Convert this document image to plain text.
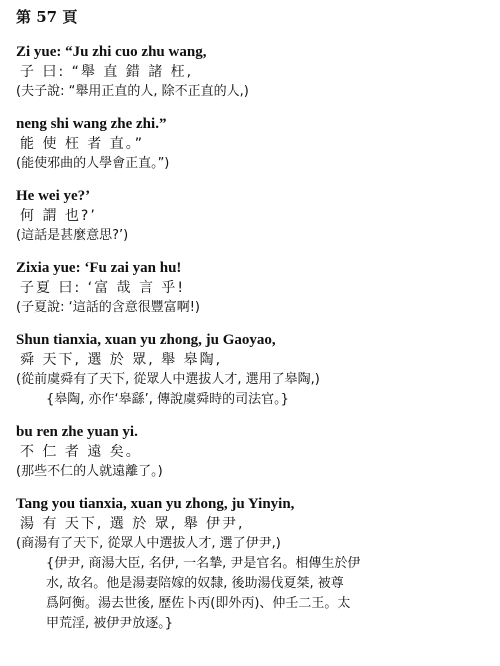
第 57 頁
Zi yue: “Ju zhi cuo zhu wang,
子 曰: “舉 直 錯 諸 枉,
(夫子說: “舉用正直的人, 除不正直的人,)
neng shi wang zhe zhi.”
能 使 枉 者 直。”
(能使邪曲的人學會正直。”)
He wei ye?’
何 謂 也?’
(這話是甚麼意思?’)
Zixia yue: ‘Fu zai yan hu!
子夏 曰: ‘富 哉 言 乎!
(子夏說: ‘這話的含意很豐富啊!)
Shun tianxia, xuan yu zhong, ju Gaoyao,
舜 天下, 選 於 眾, 舉 皋陶,
(從前虞舜有了天下, 從眾人中選拔人才, 選用了皋陶,)
{皋陶, 亦作‘皋繇’, 傳說虞舜時的司法官。}
bu ren zhe yuan yi.
不 仁 者 遠 矣。
(那些不仁的人就遠離了。)
Tang you tianxia, xuan yu zhong, ju Yinyin,
湯 有 天下, 選 於 眾, 舉 伊尹,
(商湯有了天下, 從眾人中選拔人才, 選了伊尹,)
{伊尹, 商湯大臣, 名伊, 一名摯, 尹是官名。相傳生於伊
水, 故名。他是湯妻陪嫁的奴隸, 後助湯伐夏桀, 被尊
爲阿衡。湯去世後, 歷佐卜丙(即外丙)、仲壬二王。太
甲荒淫, 被伊尹放逐。}
